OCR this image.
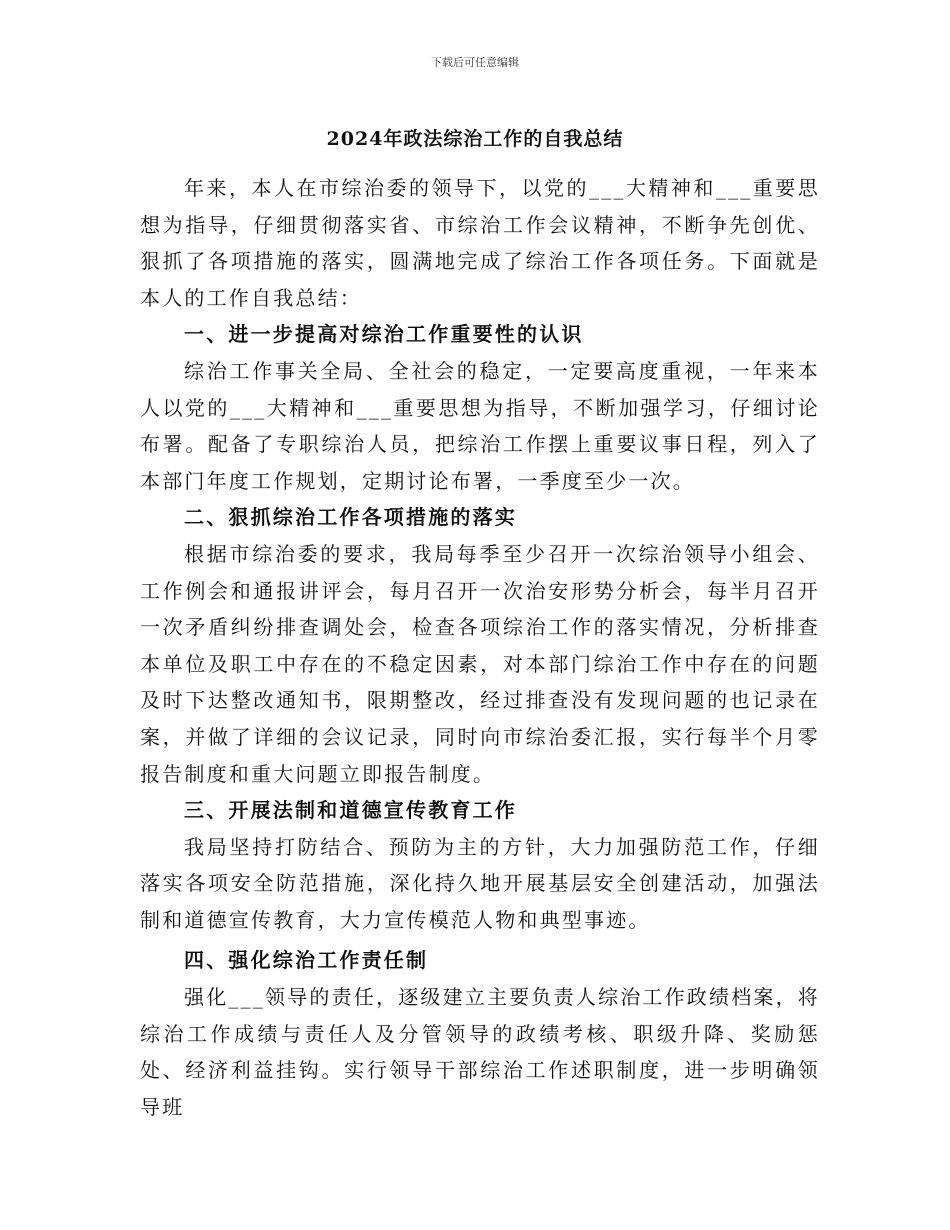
下载后可任意编辑
2024年政法综治工作的自我总结

年来，本人在市综治委的领导下，以党的___大精神和___重要思想为指导，仔细贯彻落实省、市综治工作会议精神，不断争先创优、狠抓了各项措施的落实，圆满地完成了综治工作各项任务。下面就是本人的工作自我总结：

一、进一步提高对综治工作重要性的认识

综治工作事关全局、全社会的稳定，一定要高度重视，一年来本人以党的___大精神和___重要思想为指导，不断加强学习，仔细讨论布署。配备了专职综治人员，把综治工作摆上重要议事日程，列入了本部门年度工作规划，定期讨论布署，一季度至少一次。

二、狠抓综治工作各项措施的落实

根据市综治委的要求，我局每季至少召开一次综治领导小组会、工作例会和通报讲评会，每月召开一次治安形势分析会，每半月召开一次矛盾纠纷排查调处会，检查各项综治工作的落实情况，分析排查本单位及职工中存在的不稳定因素，对本部门综治工作中存在的问题及时下达整改通知书，限期整改，经过排查没有发现问题的也记录在案，并做了详细的会议记录，同时向市综治委汇报，实行每半个月零报告制度和重大问题立即报告制度。

三、开展法制和道德宣传教育工作

我局坚持打防结合、预防为主的方针，大力加强防范工作，仔细落实各项安全防范措施，深化持久地开展基层安全创建活动，加强法制和道德宣传教育，大力宣传模范人物和典型事迹。

四、强化综治工作责任制

强化___领导的责任，逐级建立主要负责人综治工作政绩档案，将综治工作成绩与责任人及分管领导的政绩考核、职级升降、奖励惩处、经济利益挂钩。实行领导干部综治工作述职制度，进一步明确领导班
